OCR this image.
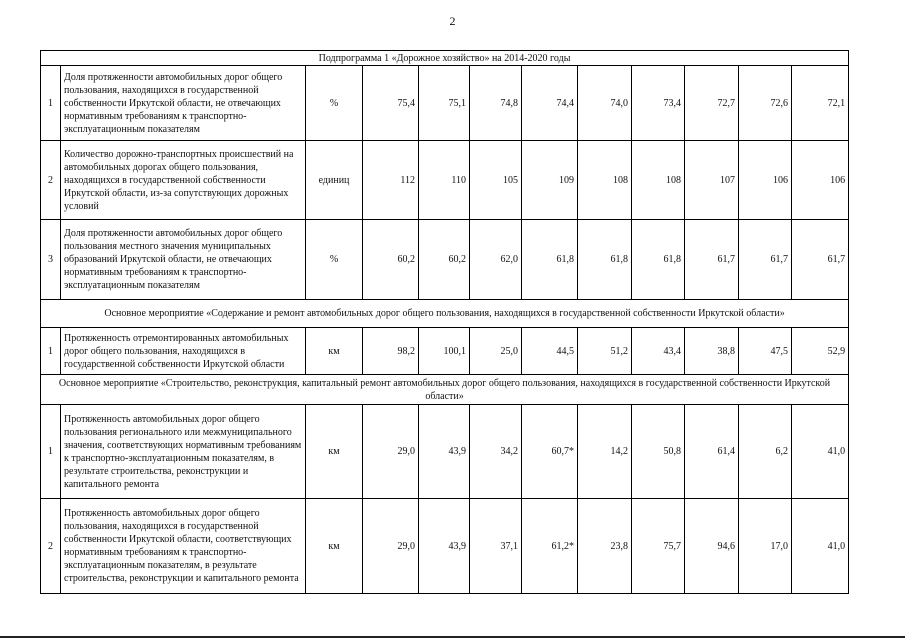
2
Подпрограмма 1 «Дорожное хозяйство» на 2014-2020 годы											
1	Доля протяженности автомобильных дорог общего пользования, находящихся в государственной собственности Иркутской области, не отвечающих нормативным требованиям к транспортно-эксплуатационным показателям	%	75,4	75,1	74,8	74,4	74,0	73,4	72,7	72,6	72,1
2	Количество дорожно-транспортных происшествий на автомобильных дорогах общего пользования, находящихся в государственной собственности Иркутской области, из-за сопутствующих дорожных условий	единиц	112	110	105	109	108	108	107	106	106
3	Доля протяженности автомобильных дорог общего пользования местного значения муниципальных образований Иркутской области, не отвечающих нормативным требованиям к транспортно-эксплуатационным показателям	%	60,2	60,2	62,0	61,8	61,8	61,8	61,7	61,7	61,7
Основное мероприятие «Содержание и ремонт автомобильных дорог общего пользования, находящихся в государственной собственности Иркутской области»											
1	Протяженность отремонтированных автомобильных дорог общего пользования, находящихся в государственной собственности Иркутской области	км	98,2	100,1	25,0	44,5	51,2	43,4	38,8	47,5	52,9
Основное мероприятие «Строительство, реконструкция, капитальный ремонт автомобильных дорог общего пользования, находящихся в государственной собственности Иркутской области»											
1	Протяженность автомобильных дорог общего пользования регионального или межмуниципального значения, соответствующих нормативным требованиям к транспортно-эксплуатационным показателям, в результате строительства, реконструкции и капитального ремонта	км	29,0	43,9	34,2	60,7*	14,2	50,8	61,4	6,2	41,0
2	Протяженность автомобильных дорог общего пользования, находящихся в государственной собственности Иркутской области, соответствующих нормативным требованиям к транспортно-эксплуатационным показателям, в результате строительства, реконструкции и капитального ремонта	км	29,0	43,9	37,1	61,2*	23,8	75,7	94,6	17,0	41,0
